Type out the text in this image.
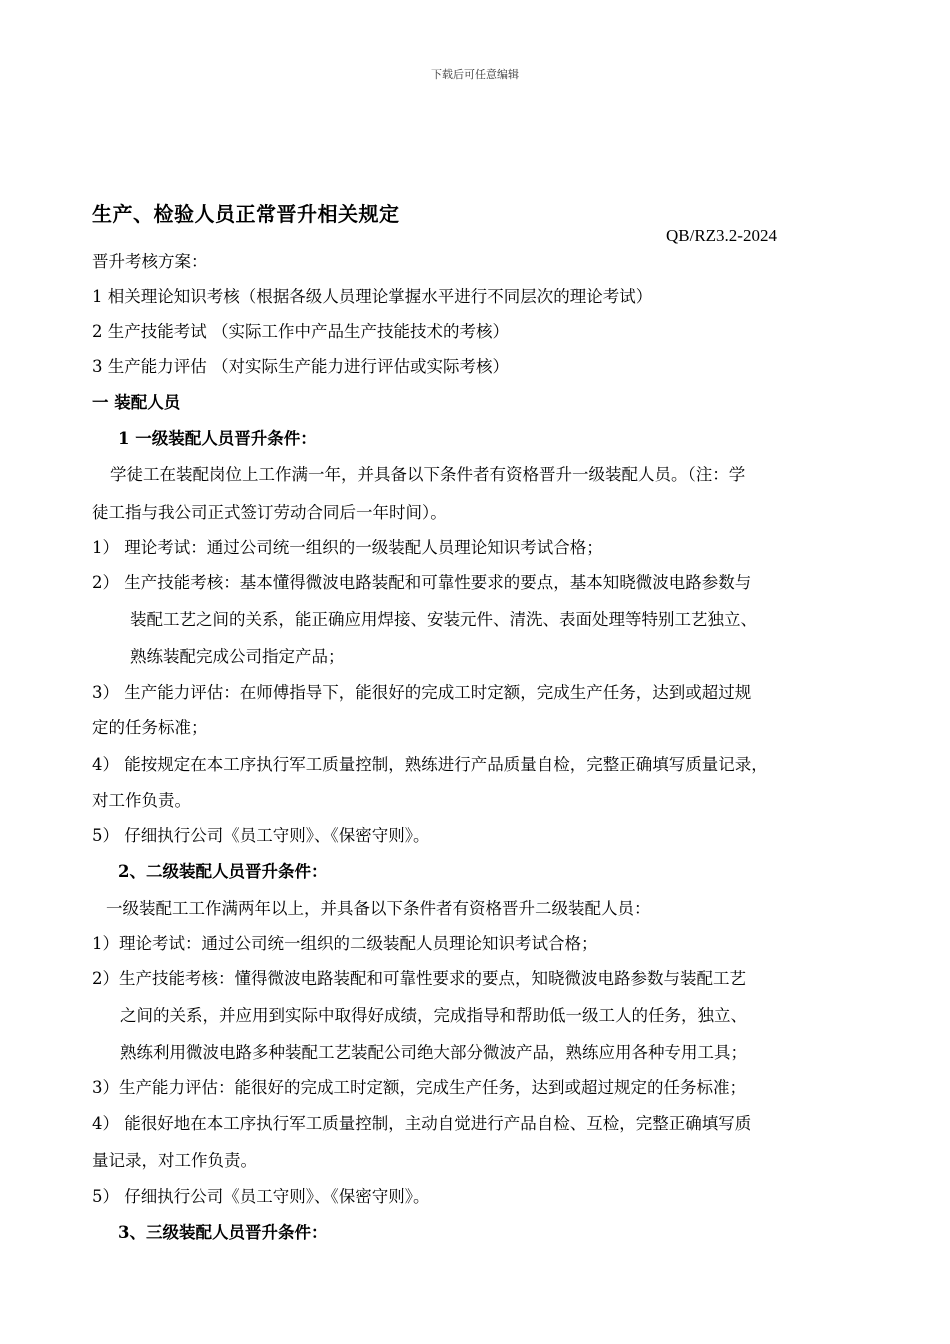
下载后可任意编辑
生产、检验人员正常晋升相关规定
QB/RZ3.2-2024
晋升考核方案：
1 相关理论知识考核（根据各级人员理论掌握水平进行不同层次的理论考试）
2 生产技能考试 （实际工作中产品生产技能技术的考核）
3 生产能力评估 （对实际生产能力进行评估或实际考核）
一 装配人员
1 一级装配人员晋升条件：
学徒工在装配岗位上工作满一年，并具备以下条件者有资格晋升一级装配人员。（注：学
徒工指与我公司正式签订劳动合同后一年时间）。
1） 理论考试：通过公司统一组织的一级装配人员理论知识考试合格；
2） 生产技能考核：基本懂得微波电路装配和可靠性要求的要点，基本知晓微波电路参数与
装配工艺之间的关系，能正确应用焊接、安装元件、清洗、表面处理等特别工艺独立、
熟练装配完成公司指定产品；
3） 生产能力评估：在师傅指导下，能很好的完成工时定额，完成生产任务，达到或超过规
定的任务标准；
4） 能按规定在本工序执行军工质量控制，熟练进行产品质量自检，完整正确填写质量记录，
对工作负责。
5） 仔细执行公司《员工守则》、《保密守则》。
2、二级装配人员晋升条件：
一级装配工工作满两年以上，并具备以下条件者有资格晋升二级装配人员：
1）理论考试：通过公司统一组织的二级装配人员理论知识考试合格；
2）生产技能考核：懂得微波电路装配和可靠性要求的要点，知晓微波电路参数与装配工艺
之间的关系，并应用到实际中取得好成绩，完成指导和帮助低一级工人的任务，独立、
熟练利用微波电路多种装配工艺装配公司绝大部分微波产品，熟练应用各种专用工具；
3）生产能力评估：能很好的完成工时定额，完成生产任务，达到或超过规定的任务标准；
4） 能很好地在本工序执行军工质量控制，主动自觉进行产品自检、互检，完整正确填写质
量记录，对工作负责。
5） 仔细执行公司《员工守则》、《保密守则》。
3、三级装配人员晋升条件：
